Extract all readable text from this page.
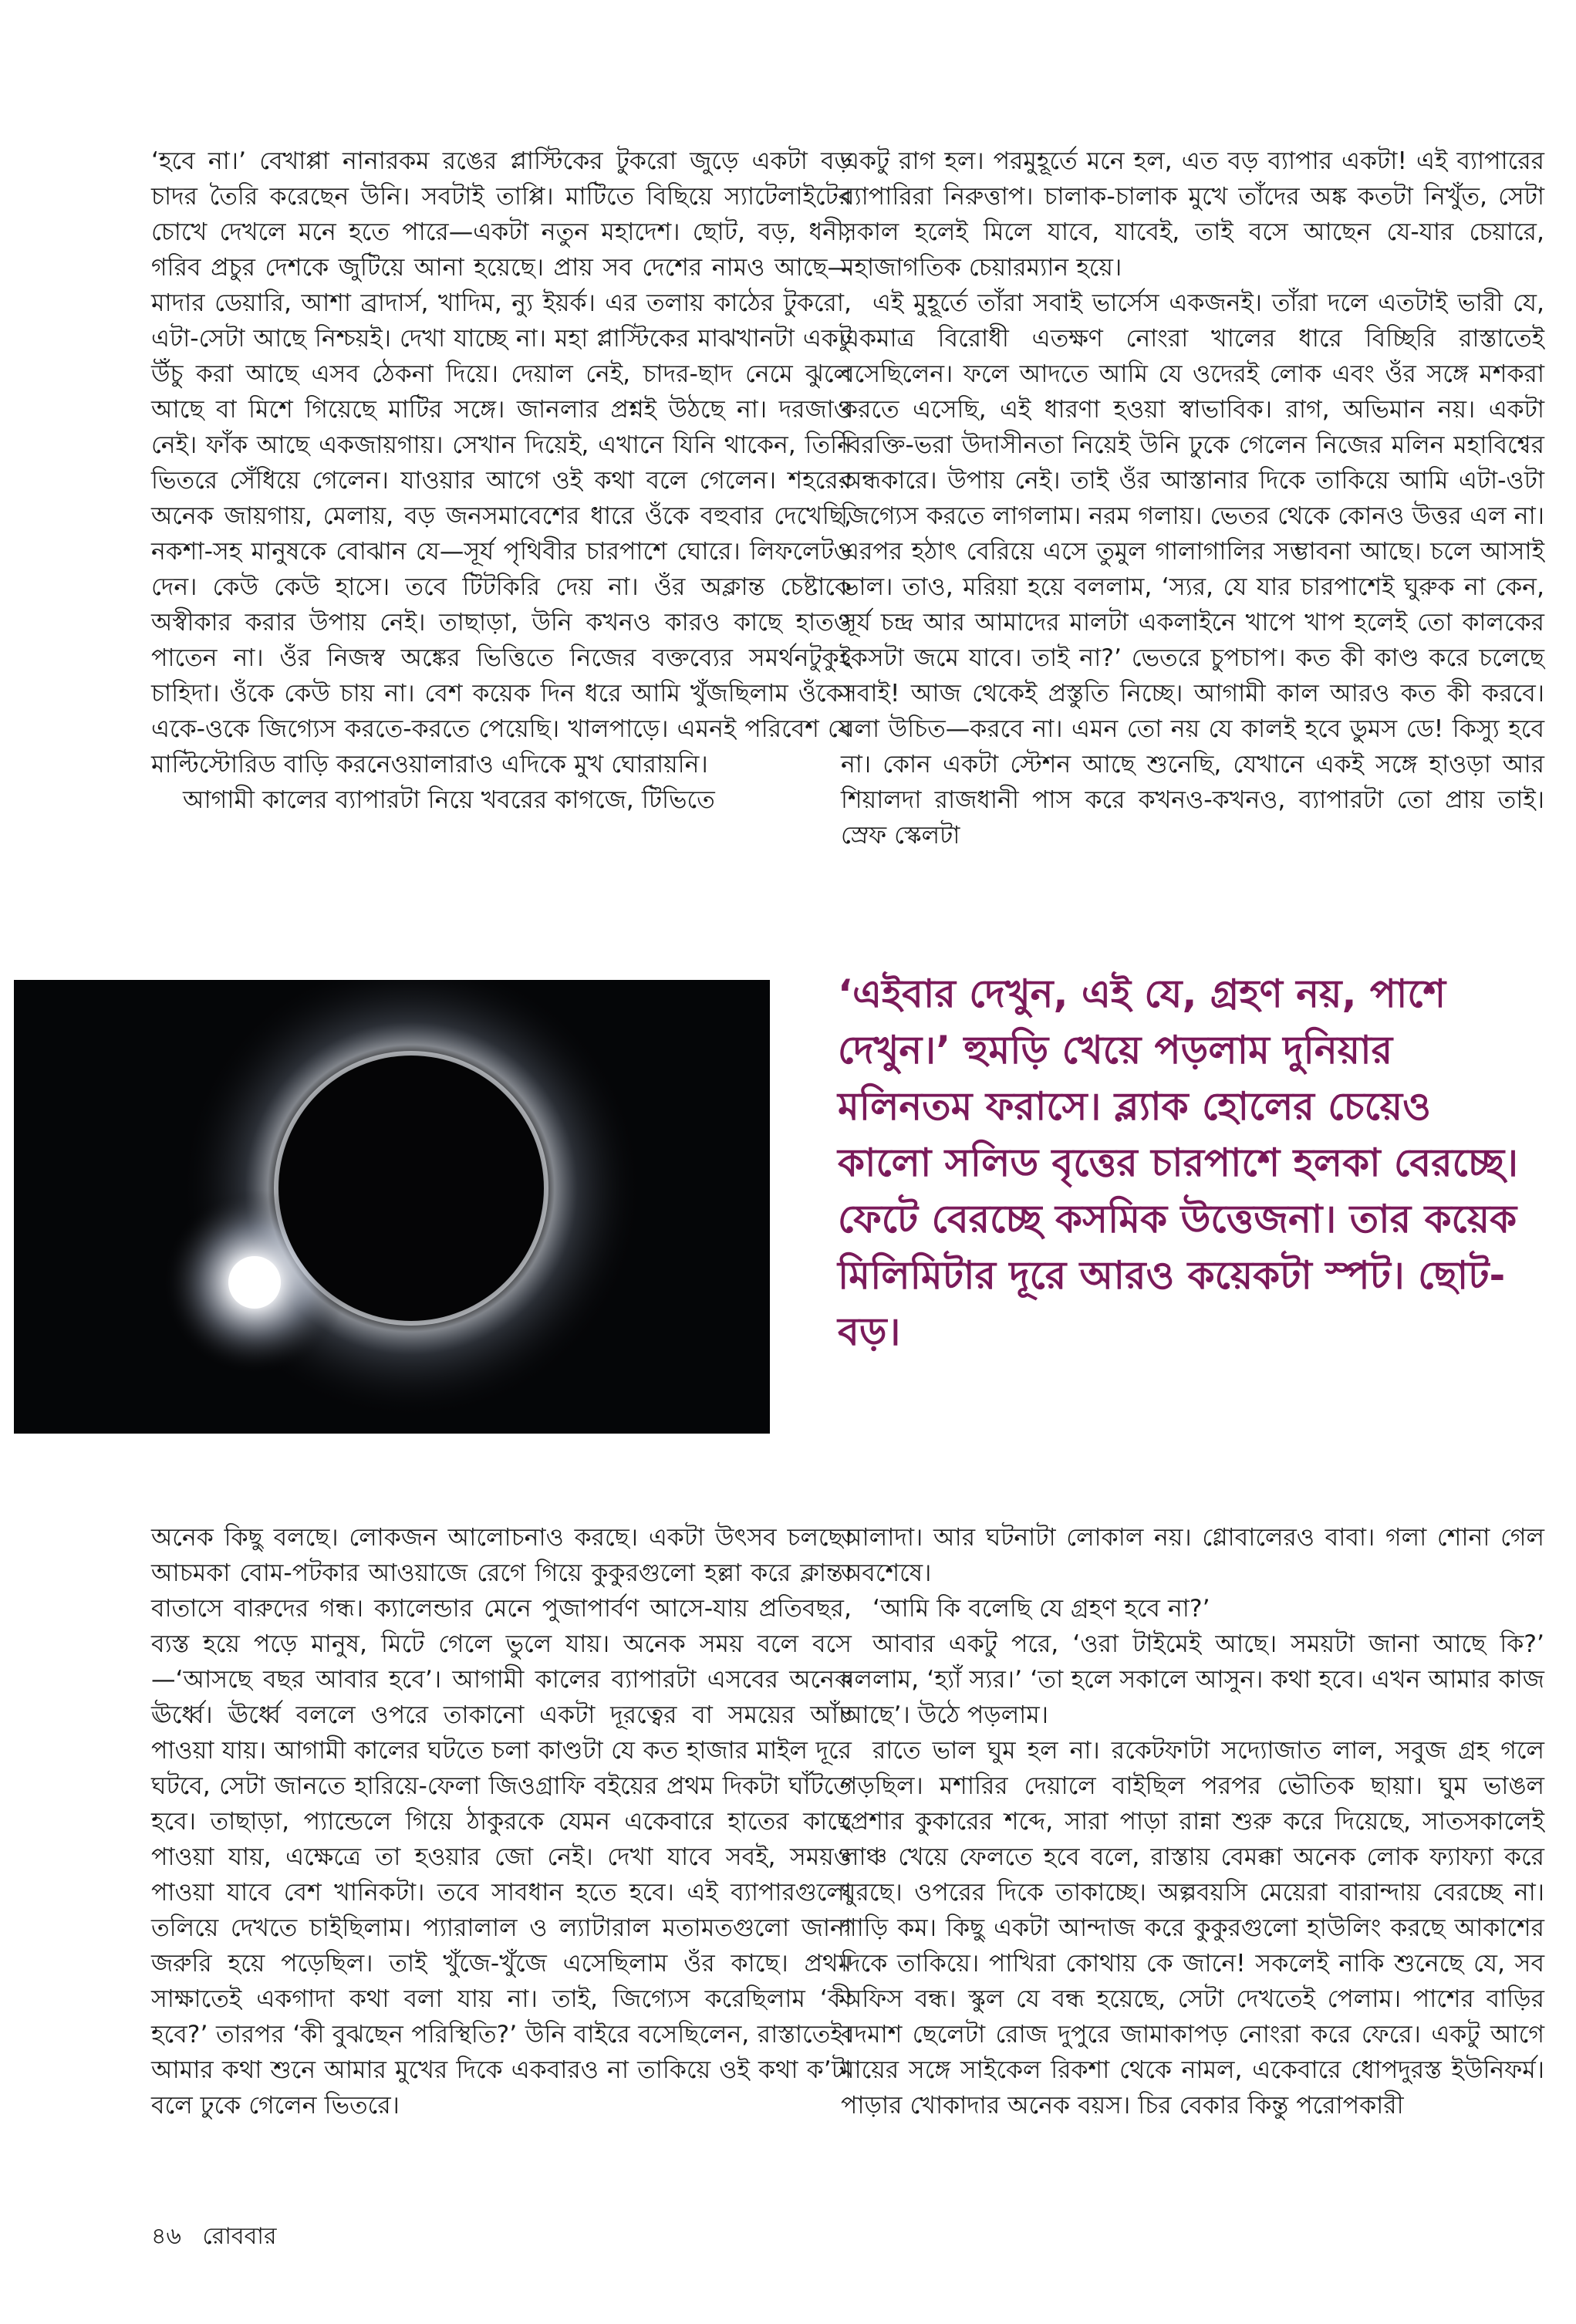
‘হবে না।’ বেখাপ্পা নানারকম রঙের প্লাস্টিকের টুকরো জুড়ে একটা বড় চাদর তৈরি করেছেন উনি। সবটাই তাপ্পি। মাটিতে বিছিয়ে স্যাটেলাইটের চোখে দেখলে মনে হতে পারে—একটা নতুন মহাদেশ। ছোট, বড়, ধনী, গরিব প্রচুর দেশকে জুটিয়ে আনা হয়েছে। প্রায় সব দেশের নামও আছে—মাদার ডেয়ারি, আশা ব্রাদার্স, খাদিম, ন্যু ইয়র্ক। এর তলায় কাঠের টুকরো, এটা-সেটা আছে নিশ্চয়ই। দেখা যাচ্ছে না। মহা প্লাস্টিকের মাঝখানটা একটু উঁচু করা আছে এসব ঠেকনা দিয়ে। দেয়াল নেই, চাদর-ছাদ নেমে ঝুলে আছে বা মিশে গিয়েছে মাটির সঙ্গে। জানলার প্রশ্নই উঠছে না। দরজাও নেই। ফাঁক আছে একজায়গায়। সেখান দিয়েই, এখানে যিনি থাকেন, তিনি ভিতরে সেঁধিয়ে গেলেন। যাওয়ার আগে ওই কথা বলে গেলেন। শহরের অনেক জায়গায়, মেলায়, বড় জনসমাবেশের ধারে ওঁকে বহুবার দেখেছি, নকশা-সহ মানুষকে বোঝান যে—সূর্য পৃথিবীর চারপাশে ঘোরে। লিফলেটও দেন। কেউ কেউ হাসে। তবে টিটকিরি দেয় না। ওঁর অক্লান্ত চেষ্টাকে অস্বীকার করার উপায় নেই। তাছাড়া, উনি কখনও কারও কাছে হাতও পাতেন না। ওঁর নিজস্ব অঙ্কের ভিত্তিতে নিজের বক্তব্যের সমর্থনটুকুই চাহিদা। ওঁকে কেউ চায় না। বেশ কয়েক দিন ধরে আমি খুঁজছিলাম ওঁকে। একে-ওকে জিগ্যেস করতে-করতে পেয়েছি। খালপাড়ে। এমনই পরিবেশ যে মাল্টিস্টোরিড বাড়ি করনেওয়ালারাও এদিকে মুখ ঘোরায়নি।

আগামী কালের ব্যাপারটা নিয়ে খবরের কাগজে, টিভিতে

একটু রাগ হল। পরমুহূর্তে মনে হল, এত বড় ব্যাপার একটা! এই ব্যাপারের ব্যাপারিরা নিরুত্তাপ। চালাক-চালাক মুখে তাঁদের অঙ্ক কতটা নিখুঁত, সেটা সকাল হলেই মিলে যাবে, যাবেই, তাই বসে আছেন যে-যার চেয়ারে, মহাজাগতিক চেয়ারম্যান হয়ে।

এই মুহূর্তে তাঁরা সবাই ভার্সেস একজনই। তাঁরা দলে এতটাই ভারী যে, একমাত্র বিরোধী এতক্ষণ নোংরা খালের ধারে বিচ্ছিরি রাস্তাতেই বসেছিলেন। ফলে আদতে আমি যে ওদেরই লোক এবং ওঁর সঙ্গে মশকরা করতে এসেছি, এই ধারণা হওয়া স্বাভাবিক। রাগ, অভিমান নয়। একটা বিরক্তি-ভরা উদাসীনতা নিয়েই উনি ঢুকে গেলেন নিজের মলিন মহাবিশ্বের অন্ধকারে। উপায় নেই। তাই ওঁর আস্তানার দিকে তাকিয়ে আমি এটা-ওটা জিগ্যেস করতে লাগলাম। নরম গলায়। ভেতর থেকে কোনও উত্তর এল না। এরপর হঠাৎ বেরিয়ে এসে তুমুল গালাগালির সম্ভাবনা আছে। চলে আসাই ভাল। তাও, মরিয়া হয়ে বললাম, ‘স্যর, যে যার চারপাশেই ঘুরুক না কেন, সূর্য চন্দ্র আর আমাদের মালটা একলাইনে খাপে খাপ হলেই তো কালকের কেসটা জমে যাবে। তাই না?’ ভেতরে চুপচাপ। কত কী কাণ্ড করে চলেছে সবাই! আজ থেকেই প্রস্তুতি নিচ্ছে। আগামী কাল আরও কত কী করবে। বলা উচিত—করবে না। এমন তো নয় যে কালই হবে ডুমস ডে! কিস্যু হবে না। কোন একটা স্টেশন আছে শুনেছি, যেখানে একই সঙ্গে হাওড়া আর শিয়ালদা রাজধানী পাস করে কখনও-কখনও, ব্যাপারটা তো প্রায় তাই। স্রেফ স্কেলটা

‘এইবার দেখুন, এই যে, গ্রহণ নয়, পাশে দেখুন।’ হুমড়ি খেয়ে পড়লাম দুনিয়ার মলিনতম ফরাসে। ব্ল্যাক হোলের চেয়েও কালো সলিড বৃত্তের চারপাশে হলকা বেরচ্ছে। ফেটে বেরচ্ছে কসমিক উত্তেজনা। তার কয়েক মিলিমিটার দূরে আরও কয়েকটা স্পট। ছোট-বড়।

অনেক কিছু বলছে। লোকজন আলোচনাও করছে। একটা উৎসব চলছে। আচমকা বোম-পটকার আওয়াজে রেগে গিয়ে কুকুরগুলো হল্লা করে ক্লান্ত। বাতাসে বারুদের গন্ধ। ক্যালেন্ডার মেনে পুজাপার্বণ আসে-যায় প্রতিবছর, ব্যস্ত হয়ে পড়ে মানুষ, মিটে গেলে ভুলে যায়। অনেক সময় বলে বসে—‘আসছে বছর আবার হবে’। আগামী কালের ব্যাপারটা এসবের অনেক ঊর্ধ্বে। ঊর্ধ্বে বললে ওপরে তাকানো একটা দূরত্বের বা সময়ের আঁচ পাওয়া যায়। আগামী কালের ঘটতে চলা কাণ্ডটা যে কত হাজার মাইল দূরে ঘটবে, সেটা জানতে হারিয়ে-ফেলা জিওগ্রাফি বইয়ের প্রথম দিকটা ঘাঁটতে হবে। তাছাড়া, প্যান্ডেলে গিয়ে ঠাকুরকে যেমন একেবারে হাতের কাছে পাওয়া যায়, এক্ষেত্রে তা হওয়ার জো নেই। দেখা যাবে সবই, সময়ও পাওয়া যাবে বেশ খানিকটা। তবে সাবধান হতে হবে। এই ব্যাপারগুলো তলিয়ে দেখতে চাইছিলাম। প্যারালাল ও ল্যাটারাল মতামতগুলো জানা জরুরি হয়ে পড়েছিল। তাই খুঁজে-খুঁজে এসেছিলাম ওঁর কাছে। প্রথম সাক্ষাতেই একগাদা কথা বলা যায় না। তাই, জিগ্যেস করেছিলাম ‘কী হবে?’ তারপর ‘কী বুঝছেন পরিস্থিতি?’ উনি বাইরে বসেছিলেন, রাস্তাতেই। আমার কথা শুনে আমার মুখের দিকে একবারও না তাকিয়ে ওই কথা ক’টা বলে ঢুকে গেলেন ভিতরে।

আলাদা। আর ঘটনাটা লোকাল নয়। গ্লোবালেরও বাবা। গলা শোনা গেল অবশেষে।

‘আমি কি বলেছি যে গ্রহণ হবে না?’

আবার একটু পরে, ‘ওরা টাইমেই আছে। সময়টা জানা আছে কি?’ বললাম, ‘হ্যাঁ স্যর।’ ‘তা হলে সকালে আসুন। কথা হবে। এখন আমার কাজ আছে’। উঠে পড়লাম।

রাতে ভাল ঘুম হল না। রকেটফাটা সদ্যোজাত লাল, সবুজ গ্রহ গলে পড়ছিল। মশারির দেয়ালে বাইছিল পরপর ভৌতিক ছায়া। ঘুম ভাঙল প্রেশার কুকারের শব্দে, সারা পাড়া রান্না শুরু করে দিয়েছে, সাতসকালেই লাঞ্চ খেয়ে ফেলতে হবে বলে, রাস্তায় বেমক্কা অনেক লোক ফ্যাফ্যা করে ঘুরছে। ওপরের দিকে তাকাচ্ছে। অল্পবয়সি মেয়েরা বারান্দায় বেরচ্ছে না। গাড়ি কম। কিছু একটা আন্দাজ করে কুকুরগুলো হাউলিং করছে আকাশের দিকে তাকিয়ে। পাখিরা কোথায় কে জানে! সকলেই নাকি শুনেছে যে, সব অফিস বন্ধ। স্কুল যে বন্ধ হয়েছে, সেটা দেখতেই পেলাম। পাশের বাড়ির বদমাশ ছেলেটা রোজ দুপুরে জামাকাপড় নোংরা করে ফেরে। একটু আগে মায়ের সঙ্গে সাইকেল রিকশা থেকে নামল, একেবারে ধোপদুরস্ত ইউনিফর্ম। পাড়ার খোকাদার অনেক বয়স। চির বেকার কিন্তু পরোপকারী

৪৬ রোববার
